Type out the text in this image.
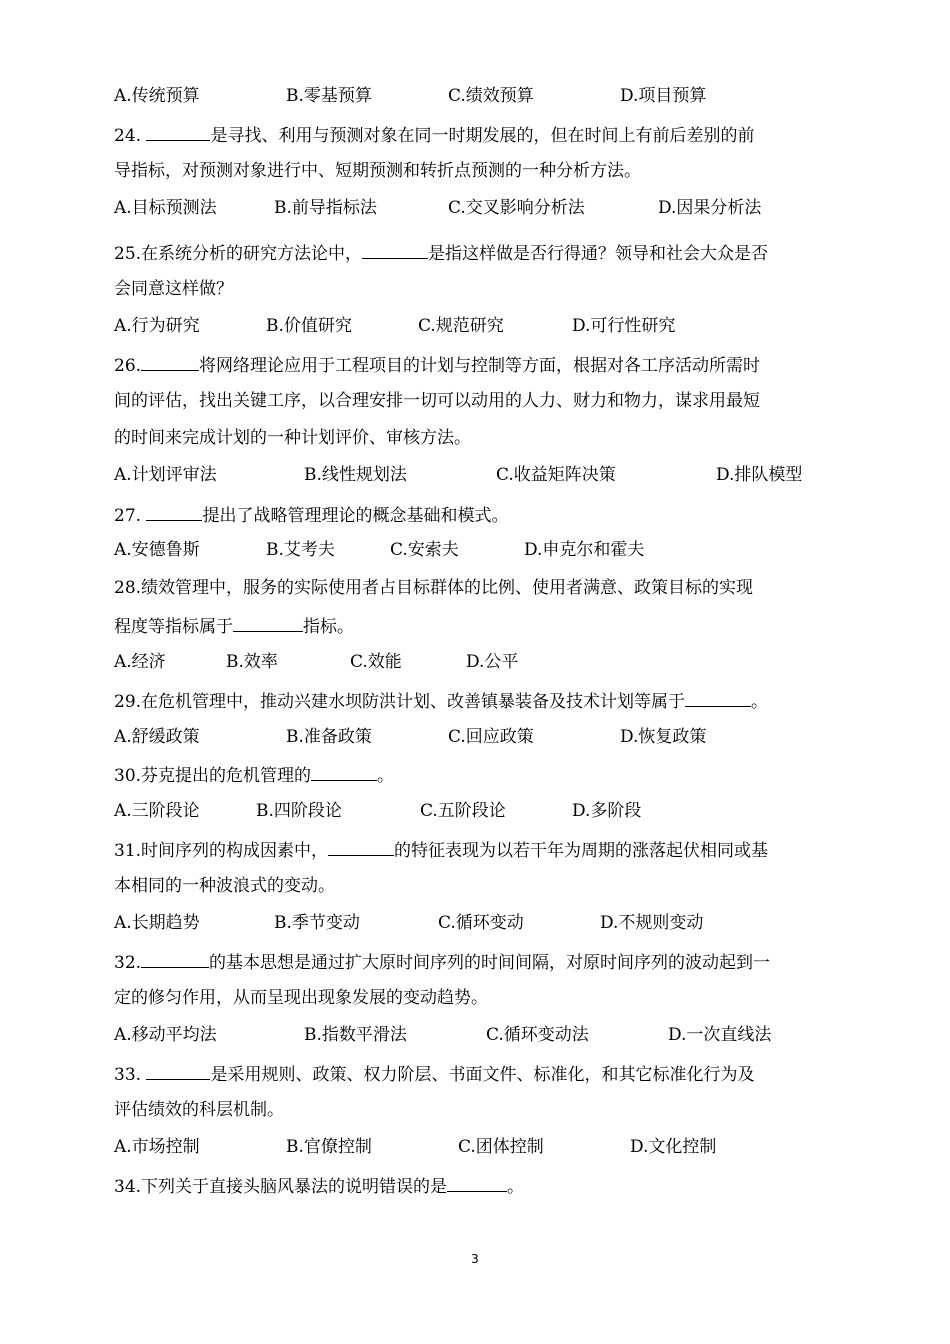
A.传统预算	B.零基预算	C.绩效预算	D.项目预算
24.	是寻找、利用与预测对象在同一时期发展的，但在时间上有前后差别的前
导指标，对预测对象进行中、短期预测和转折点预测的一种分析方法。
A.目标预测法	B.前导指标法	C.交叉影响分析法	D.因果分析法
25.在系统分析的研究方法论中，	是指这样做是否行得通？领导和社会大众是否
会同意这样做？
A.行为研究	B.价值研究	C.规范研究	D.可行性研究
26.	将网络理论应用于工程项目的计划与控制等方面，根据对各工序活动所需时
间的评估，找出关键工序，以合理安排一切可以动用的人力、财力和物力，谋求用最短
的时间来完成计划的一种计划评价、审核方法。
A.计划评审法	B.线性规划法	C.收益矩阵决策	D.排队模型
27.	提出了战略管理理论的概念基础和模式。
A.安德鲁斯	B.艾考夫	C.安索夫	D.申克尔和霍夫
28.绩效管理中，服务的实际使用者占目标群体的比例、使用者满意、政策目标的实现
程度等指标属于	指标。
A.经济	B.效率	C.效能	D.公平
29.在危机管理中，推动兴建水坝防洪计划、改善镇暴装备及技术计划等属于	。
A.舒缓政策	B.准备政策	C.回应政策	D.恢复政策
30.芬克提出的危机管理的	。
A.三阶段论	B.四阶段论	C.五阶段论	D.多阶段
31.时间序列的构成因素中，	的特征表现为以若干年为周期的涨落起伏相同或基
本相同的一种波浪式的变动。
A.长期趋势	B.季节变动	C.循环变动	D.不规则变动
32.	的基本思想是通过扩大原时间序列的时间间隔，对原时间序列的波动起到一
定的修匀作用，从而呈现出现象发展的变动趋势。
A.移动平均法	B.指数平滑法	C.循环变动法	D.一次直线法
33.	是采用规则、政策、权力阶层、书面文件、标准化，和其它标准化行为及
评估绩效的科层机制。
A.市场控制	B.官僚控制	C.团体控制	D.文化控制
34.下列关于直接头脑风暴法的说明错误的是	。
3
